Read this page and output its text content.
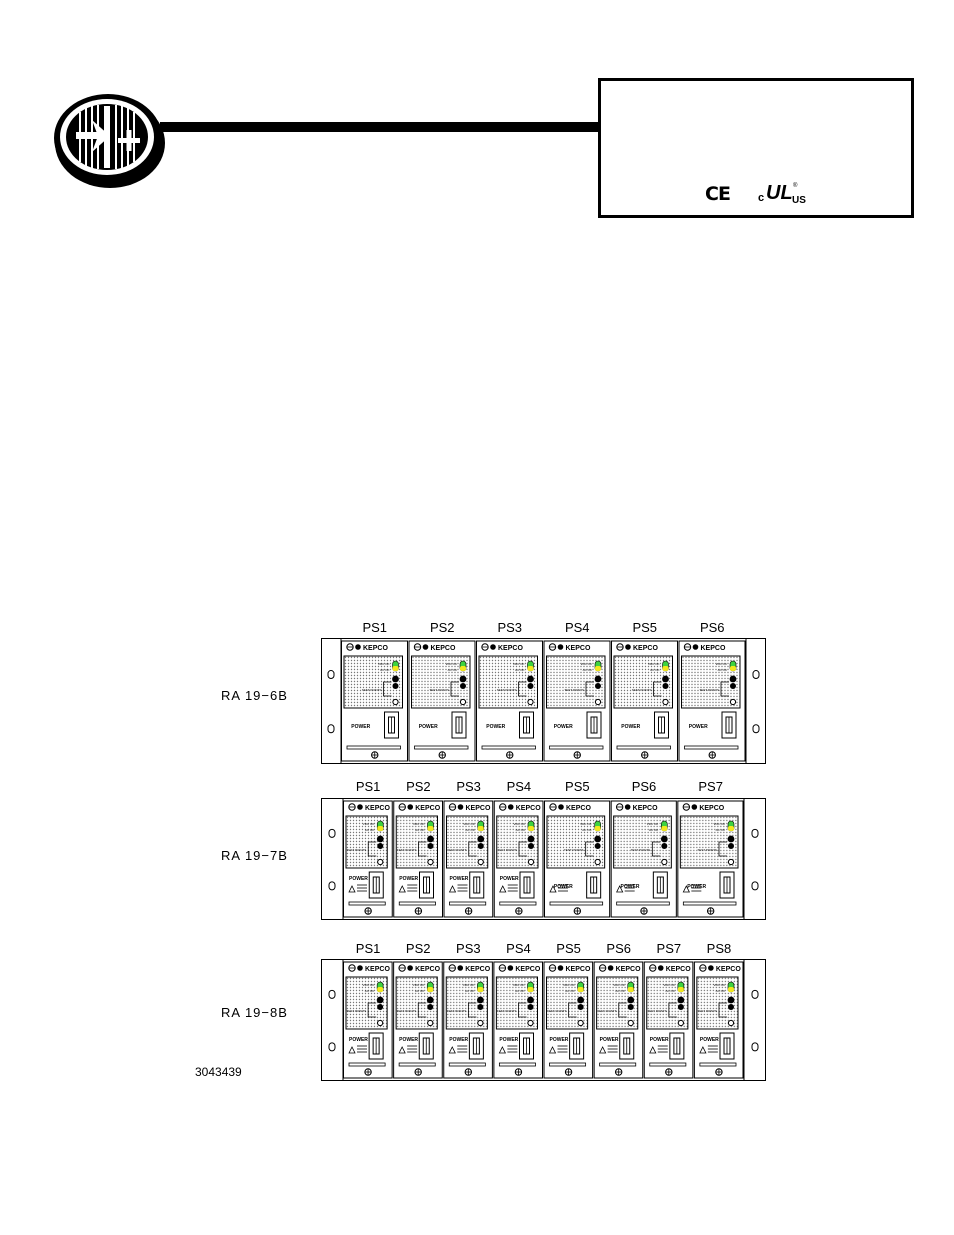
CE	c UL ®
US
KEPCO
VDC OK
AC OK
TEST POINTS
POWER
KEPCO
VDC OK
AC OK
TEST POINTS
POWER
KEPCO
VDC OK
AC OK
TEST POINTS
POWER
KEPCO
VDC OK
AC OK
TEST POINTS
POWER
KEPCO
VDC OK
AC OK
TEST POINTS
POWER
KEPCO
VDC OK
AC OK
TEST POINTS
POWER
KEPCO
VDC OK
AC OK
TEST POINTS
POWER
KEPCO
VDC OK
AC OK
TEST POINTS
POWER
KEPCO
VDC OK
AC OK
TEST POINTS
POWER
KEPCO
VDC OK
AC OK
TEST POINTS
POWER
KEPCO
VDC OK
AC OK
TEST POINTS
POWER
KEPCO
VDC OK
AC OK
TEST POINTS
POWER
KEPCO
VDC OK
AC OK
TEST POINTS
POWER
KEPCO
VDC OK
AC OK
TEST POINTS
POWER
KEPCO
VDC OK
AC OK
TEST POINTS
POWER
KEPCO
VDC OK
AC OK
TEST POINTS
POWER
KEPCO
VDC OK
AC OK
TEST POINTS
POWER
KEPCO
VDC OK
AC OK
TEST POINTS
POWER
KEPCO
VDC OK
AC OK
TEST POINTS
POWER
KEPCO
VDC OK
AC OK
TEST POINTS
POWER
KEPCO
VDC OK
AC OK
TEST POINTS
POWER
RA 19−6B
RA 19−7B
RA 19−8B
3043439
PS1	PS2	PS3	PS4	PS5	PS6
PS1 PS2 PS3 PS4	PS5	PS6	PS7
PS1 PS2 PS3 PS4 PS5 PS6 PS7 PS8
